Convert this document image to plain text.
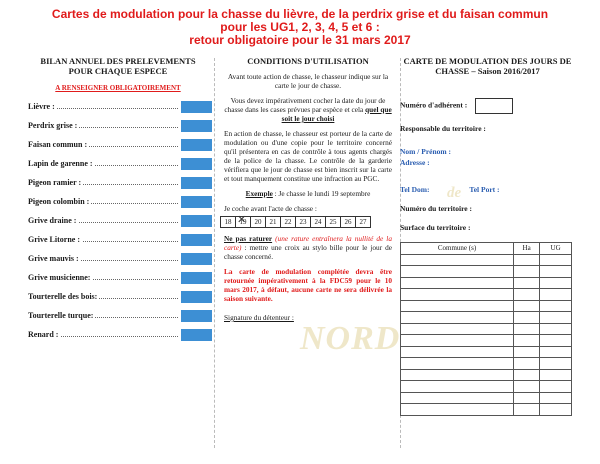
Cartes de modulation pour la chasse du lièvre, de la perdrix grise et du faisan commun
pour les UG1, 2, 3, 4, 5 et 6 :
retour obligatoire pour le 31 mars 2017
NORD
de
BILAN ANNUEL DES PRELEVEMENTS
POUR CHAQUE ESPECE
A RENSEIGNER OBLIGATOIREMENT
Lièvre :
Perdrix grise :
Faisan commun :
Lapin de garenne :
Pigeon ramier :
Pigeon colombin :
Grive draine :
Grive Litorne :
Grive mauvis :
Grive musicienne:
Tourterelle des bois:
Tourterelle turque:
Renard :
CONDITIONS D'UTILISATION
Avant toute action de chasse, le chasseur indique sur la carte le jour de chasse.
Vous devez impérativement cocher la date du jour de chasse dans les cases prévues par espèce et cela quel que soit le jour choisi
En action de chasse, le chasseur est porteur de la carte de modulation ou d'une copie pour le territoire concerné qu'il présentera en cas de contrôle à tous agents chargés de la police de la chasse. Le contrôle de la garderie vérifiera que le jour de chasse est bien inscrit sur la carte et tout manquement constitue une infraction au PGC.
Exemple : Je chasse le lundi 19 septembre
Je coche avant l'acte de chasse :
18	19 ✕	20	21	22	23	24	25	26	27
Ne pas raturer (une rature entraînera la nullité de la carte) : mettre une croix au stylo bille pour le jour de chasse concerné.
La carte de modulation complétée devra être retournée impérativement à la FDC59 pour le 10 mars 2017, à défaut, aucune carte ne sera délivrée la saison suivante.
Signature du détenteur :
CARTE DE MODULATION DES JOURS DE
CHASSE – Saison 2016/2017
Numéro d'adhérent :
Responsable du territoire :
Nom / Prénom :
Adresse :
Tel Dom:	Tel Port :
Numéro du territoire :
Surface du territoire :
Commune (s)	Ha	UG
